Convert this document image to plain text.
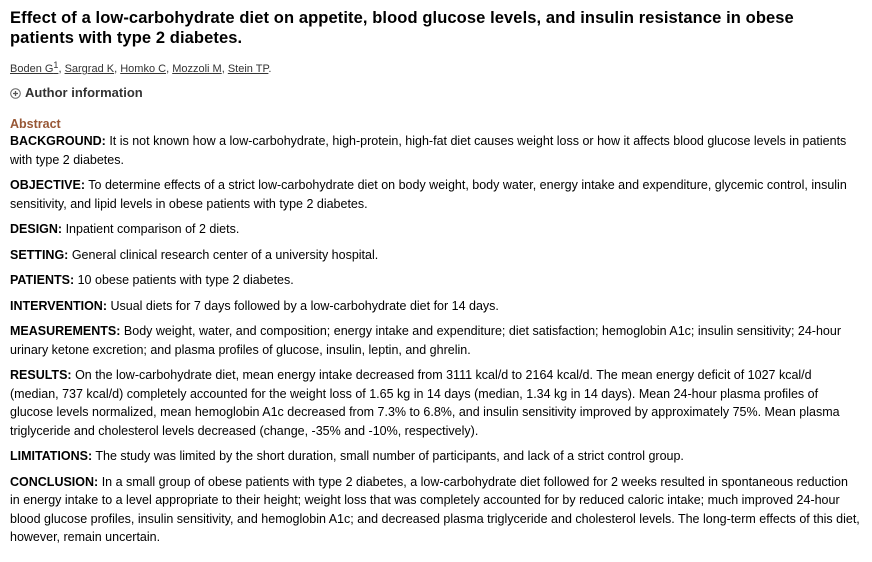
Effect of a low-carbohydrate diet on appetite, blood glucose levels, and insulin resistance in obese patients with type 2 diabetes.
Boden $G^1$, Sargrad K, Homko C, Mozzoli M, Stein TP.
Author information
Abstract

BACKGROUND: It is not known how a low-carbohydrate, high-protein, high-fat diet causes weight loss or how it affects blood glucose levels in patients with type 2 diabetes.

OBJECTIVE: To determine effects of a strict low-carbohydrate diet on body weight, body water, energy intake and expenditure, glycemic control, insulin sensitivity, and lipid levels in obese patients with type 2 diabetes.

DESIGN: Inpatient comparison of 2 diets.

SETTING: General clinical research center of a university hospital.

PATIENTS: 10 obese patients with type 2 diabetes.

INTERVENTION: Usual diets for 7 days followed by a low-carbohydrate diet for 14 days.

MEASUREMENTS: Body weight, water, and composition; energy intake and expenditure; diet satisfaction; hemoglobin A1c; insulin sensitivity; 24-hour urinary ketone excretion; and plasma profiles of glucose, insulin, leptin, and ghrelin.

RESULTS: On the low-carbohydrate diet, mean energy intake decreased from 3111 kcal/d to 2164 kcal/d. The mean energy deficit of 1027 kcal/d (median, 737 kcal/d) completely accounted for the weight loss of 1.65 kg in 14 days (median, 1.34 kg in 14 days). Mean 24-hour plasma profiles of glucose levels normalized, mean hemoglobin A1c decreased from 7.3% to 6.8%, and insulin sensitivity improved by approximately 75%. Mean plasma triglyceride and cholesterol levels decreased (change, -35% and -10%, respectively).

LIMITATIONS: The study was limited by the short duration, small number of participants, and lack of a strict control group.

CONCLUSION: In a small group of obese patients with type 2 diabetes, a low-carbohydrate diet followed for 2 weeks resulted in spontaneous reduction in energy intake to a level appropriate to their height; weight loss that was completely accounted for by reduced caloric intake; much improved 24-hour blood glucose profiles, insulin sensitivity, and hemoglobin A1c; and decreased plasma triglyceride and cholesterol levels. The long-term effects of this diet, however, remain uncertain.
